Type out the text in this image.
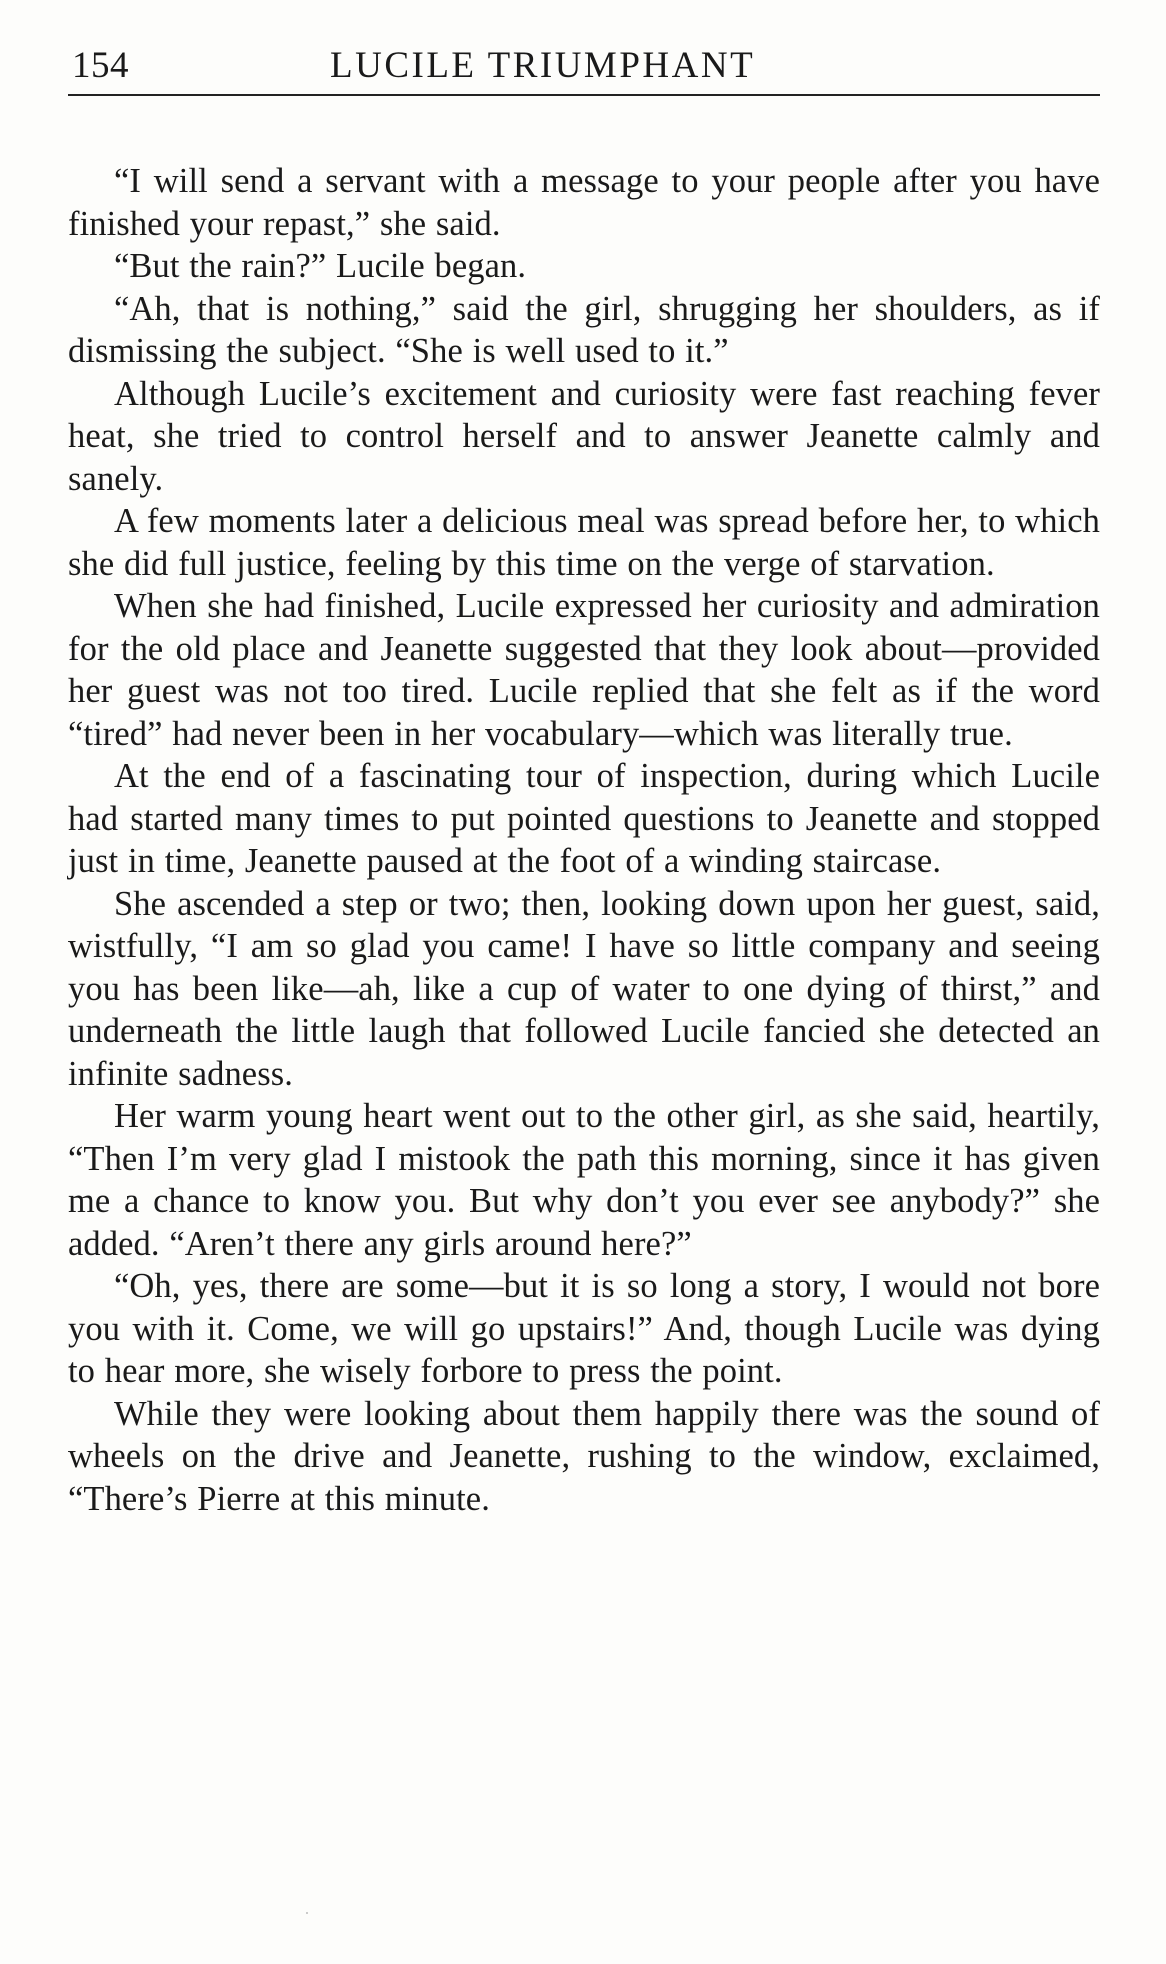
154	LUCILE TRIUMPHANT

“I will send a servant with a message to your people after you have finished your repast,” she said.

“But the rain?” Lucile began.

“Ah, that is nothing,” said the girl, shrugging her shoulders, as if dismissing the subject. “She is well used to it.”

Although Lucile’s excitement and curiosity were fast reaching fever heat, she tried to control herself and to answer Jeanette calmly and sanely.

A few moments later a delicious meal was spread before her, to which she did full justice, feeling by this time on the verge of starvation.

When she had finished, Lucile expressed her curiosity and admiration for the old place and Jeanette suggested that they look about—provided her guest was not too tired. Lucile replied that she felt as if the word “tired” had never been in her vocabulary—which was literally true.

At the end of a fascinating tour of inspection, during which Lucile had started many times to put pointed questions to Jeanette and stopped just in time, Jeanette paused at the foot of a winding staircase.

She ascended a step or two; then, looking down upon her guest, said, wistfully, “I am so glad you came! I have so little company and seeing you has been like—ah, like a cup of water to one dying of thirst,” and underneath the little laugh that followed Lucile fancied she detected an infinite sadness.

Her warm young heart went out to the other girl, as she said, heartily, “Then I’m very glad I mistook the path this morning, since it has given me a chance to know you. But why don’t you ever see anybody?” she added. “Aren’t there any girls around here?”

“Oh, yes, there are some—but it is so long a story, I would not bore you with it. Come, we will go upstairs!” And, though Lucile was dying to hear more, she wisely forbore to press the point.

While they were looking about them happily there was the sound of wheels on the drive and Jeanette, rushing to the window, exclaimed, “There’s Pierre at this minute.
